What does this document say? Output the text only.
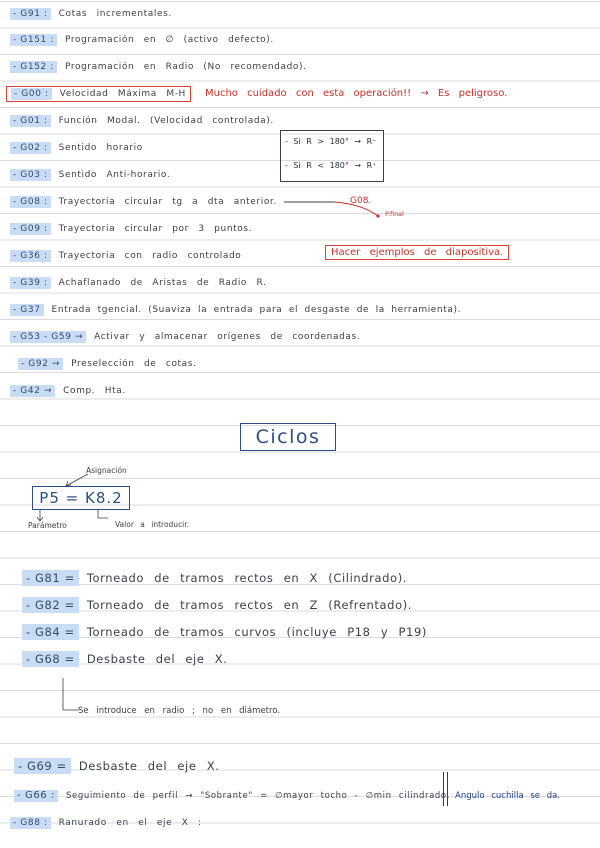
- G91 : Cotas incrementales.
- G151 : Programación en ∅ (activo defecto).
- G152 : Programación en Radio (No recomendado).
- G00 : Velocidad Máxima M-H	Mucho cuidado con esta operación!! → Es peligroso.
- G01 : Función Modal. (Velocidad controlada).
- G02 : Sentido horario
- G03 : Sentido Anti-horario.
- Si R > 180° → R⁻
- Si R < 180° → R⁺
- G08 : Trayectoria circular tg a dta anterior.	G08.
P.final
- G09 : Trayectoria circular por 3 puntos.
- G36 : Trayectoria con radio controlado	Hacer ejemplos de diapositiva.
- G39 : Achaflanado de Aristas de Radio R.
- G37 Entrada tgencial. (Suaviza la entrada para el desgaste de la herramienta).
- G53 - G59 → Activar y almacenar orígenes de coordenadas.
- G92 → Preselección de cotas.
- G42 → Comp. Hta.
Ciclos
Asignación
P5 = K8.2
Parámetro	Valor a introducir.
- G81 = Torneado de tramos rectos en X (Cilindrado).
- G82 = Torneado de tramos rectos en Z (Refrentado).
- G84 = Torneado de tramos curvos (incluye P18 y P19)
- G68 = Desbaste del eje X.
Se introduce en radio ; no en diámetro.
- G69 = Desbaste del eje X.
- G66 : Seguimiento de perfil → "Sobrante" = ∅mayor tocho - ∅min cilindrado. Angulo cuchilla se da.
- G88 : Ranurado en el eje X :
